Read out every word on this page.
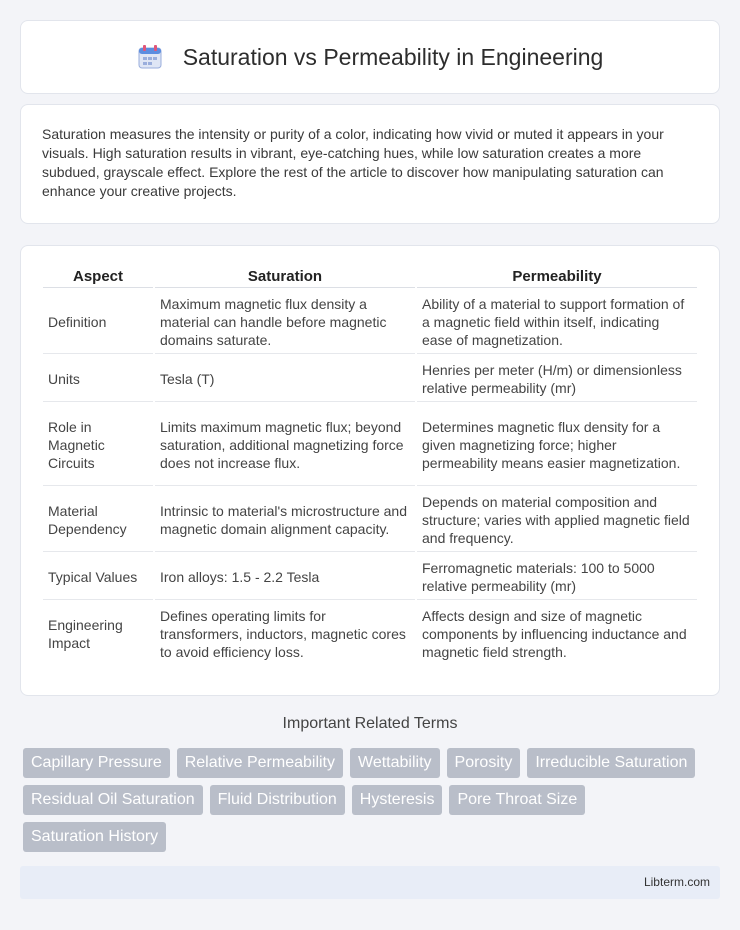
Saturation vs Permeability in Engineering

Saturation measures the intensity or purity of a color, indicating how vivid or muted it appears in your visuals. High saturation results in vibrant, eye-catching hues, while low saturation creates a more subdued, grayscale effect. Explore the rest of the article to discover how manipulating saturation can enhance your creative projects.

Aspect	Saturation	Permeability
Definition	Maximum magnetic flux density a material can handle before magnetic domains saturate.	Ability of a material to support formation of a magnetic field within itself, indicating ease of magnetization.
Units	Tesla (T)	Henries per meter (H/m) or dimensionless relative permeability (mr)
Role in Magnetic Circuits	Limits maximum magnetic flux; beyond saturation, additional magnetizing force does not increase flux.	Determines magnetic flux density for a given magnetizing force; higher permeability means easier magnetization.
Material Dependency	Intrinsic to material's microstructure and magnetic domain alignment capacity.	Depends on material composition and structure; varies with applied magnetic field and frequency.
Typical Values	Iron alloys: 1.5 - 2.2 Tesla	Ferromagnetic materials: 100 to 5000 relative permeability (mr)
Engineering Impact	Defines operating limits for transformers, inductors, magnetic cores to avoid efficiency loss.	Affects design and size of magnetic components by influencing inductance and magnetic field strength.
Important Related Terms
Capillary Pressure	Relative Permeability	Wettability	Porosity	Irreducible Saturation
Residual Oil Saturation	Fluid Distribution	Hysteresis	Pore Throat Size
Saturation History
Libterm.com
